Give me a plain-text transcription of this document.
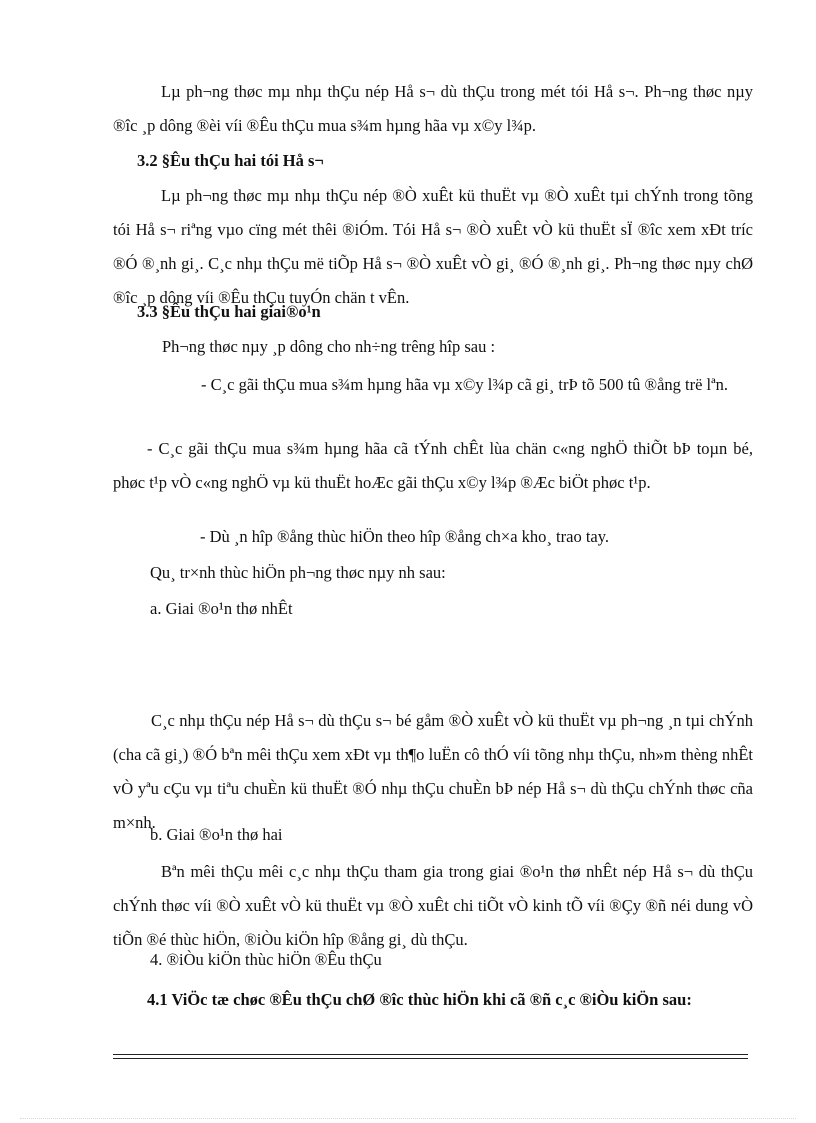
Lµ ph¬ng thøc mµ nhµ thÇu nép Hå s¬ dù thÇu trong mét tói Hå s¬. Ph¬ng thøc nµy ®îc ¸p dông ®èi víi ®Êu thÇu mua s¾m hµng hãa vµ x©y l¾p.

3.2 §Êu thÇu hai tói Hå s¬

Lµ ph¬ng thøc mµ nhµ thÇu nép ®Ò xuÊt kü thuËt vµ ®Ò xuÊt tµi chÝnh trong tõng tói Hå s¬ riªng vµo cïng mét thêi ®iÓm. Tói Hå s¬ ®Ò xuÊt vÒ kü thuËt sÏ ®îc xem xÐt tríc ®Ó ®¸nh gi¸. C¸c nhµ thÇu më tiÕp Hå s¬ ®Ò xuÊt vÒ gi¸ ®Ó ®¸nh gi¸. Ph¬ng thøc nµy chØ ®îc ¸p dông víi ®Êu thÇu tuyÓn chän t vÊn.

3.3 §Êu thÇu hai giai®o¹n

Ph¬ng thøc nµy ¸p dông cho nh÷ng trêng hîp sau :

- C¸c gãi thÇu mua s¾m hµng hãa vµ x©y l¾p cã gi¸ trÞ tõ 500 tû ®ång trë lªn.

- C¸c gãi thÇu mua s¾m hµng hãa cã tÝnh chÊt lùa chän c«ng nghÖ thiÕt bÞ toµn bé, phøc t¹p vÒ c«ng nghÖ vµ kü thuËt hoÆc gãi thÇu x©y l¾p ®Æc biÖt phøc t¹p.

- Dù ¸n hîp ®ång thùc hiÖn theo hîp ®ång ch×a kho¸ trao tay.

Qu¸ tr×nh thùc hiÖn ph¬ng thøc nµy nh sau:

a. Giai ®o¹n thø nhÊt

C¸c nhµ thÇu nép Hå s¬ dù thÇu s¬ bé gåm ®Ò xuÊt vÒ kü thuËt vµ ph¬ng ¸n tµi chÝnh (cha cã gi¸) ®Ó bªn mêi thÇu xem xÐt vµ th¶o luËn cô thÓ víi tõng nhµ thÇu, nh»m thèng nhÊt vÒ yªu cÇu vµ tiªu chuÈn kü thuËt ®Ó nhµ thÇu chuÈn bÞ nép Hå s¬ dù thÇu chÝnh thøc cña m×nh.

b. Giai ®o¹n thø hai

Bªn mêi thÇu mêi c¸c nhµ thÇu tham gia trong giai ®o¹n thø nhÊt nép Hå s¬ dù thÇu chÝnh thøc víi ®Ò xuÊt vÒ kü thuËt vµ ®Ò xuÊt chi tiÕt vÒ kinh tÕ víi ®Çy ®ñ néi dung vÒ tiÕn ®é thùc hiÖn, ®iÒu kiÖn hîp ®ång gi¸ dù thÇu.

4. ®iÒu kiÖn thùc hiÖn ®Êu thÇu

4.1 ViÖc tæ chøc ®Êu thÇu chØ ®îc thùc hiÖn khi cã ®ñ c¸c ®iÒu kiÖn sau:
